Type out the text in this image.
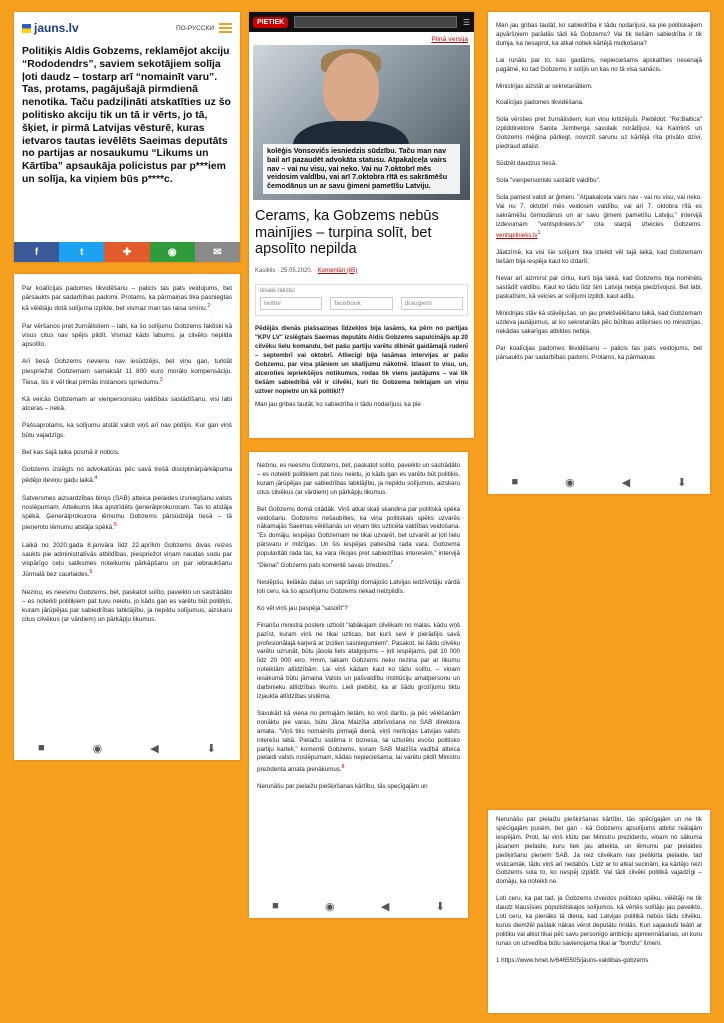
jauns.lv	ПО-РУССКИ
Politiķis Aldis Gobzems, reklamējot akciju “Rododendrs”, saviem sekotājiem solīja ļoti daudz – tostarp arī “nomainīt varu”. Tas, protams, pagājušajā pirmdienā nenotika. Taču padziļināti atskatīties uz šo politisko akciju tik un tā ir vērts, jo tā, šķiet, ir pirmā Latvijas vēsturē, kuras ietvaros tautas ievēlēts Saeimas deputāts no partijas ar nosaukumu “Likums un Kārtība” apsaukāja policistus par p***iem un solīja, ka viņiem būs p****c.
f	t	✚	◉	✉

Par koalīcijas padomes likvidēšanu – palicis tas pats veidojums, bet pārsaukts par sadarbības padomi. Protams, ka pārmaiņas tika pasniegtas kā vēlētāju dotā solījuma izpilde, bet vismaz man tas raisa smīnu.$^2$

Par vēršanos pret žurnālistiem – labi, ka šo solījumu Gobzems faktiski kā visus citus nav spējis pildīt. Vismaz kāds labums, ja cilvēks nepilda apsolīto.

Arī tiesā Gobzems nevienu nav iesūdzējis, bet viņu gan, turklāt piespriežot Gobzemam samaksāt 11 800 euro morālo kompensāciju. Tiesa, šis ir vēl tikai pirmās instances spriedums.$^3$

Kā veicās Gobzemam ar vienpersonisku valdības sastādīšanu, visi labi atceras – nekā.

Pašsaprotams, ka solījumu atstāt valsti viņš arī nav pildījis. Kur gan viņš būtu vajadzīgs.

Bet kas šajā laika posmā ir noticis.

Gobzems izslēgts no advokatūras pēc savā trešā disciplinārpārkāpuma pēdējo deviņu gadu laikā.$^4$

Satversmes aizsardzības birojs (SAB) atteica pielaides izsniegšanu valsts noslēpumam. Atteikums tika apstrīdēts ģenerālprokuroram. Tas to atstāja spēkā. Ģenerālprokurora lēmumu Gobzems pārsūdzēja tiesā – tā pieņemto lēmumu atstāja spēkā.$^5$

Laikā no 2020.gada 8.janvāra līdz 22.aprīlim Gobzems divas reizes saukts pie administratīvās atbildības, piespriežot viņam naudas sodu par vispārīgo ceļu satiksmes noteikumu pārkāpšanu un par iebraukšanu Jūrmalā bez caurlaides.$^6$

Nezinu, es neesmu Gobzems, bet, paskatot solīto, paveikto un sastrādāto – es noteikti politiķiem pat tuvu neietu, jo kāds gan es varētu būt politiķis, kuram jārūpējas par sabiedrības labklājību, ja nepildu solījumus, aizskaru citus cilvēkus (ar vārdiem) un pārkāpju likumus.

■	◉	◀	⬇

Nezinu, es neesmu Gobzems, bet, paskatot solīto, paveikto un sastrādāto – es noteikti politiķiem pat tuvu neietu, jo kāds gan es varētu būt politiķis, kuram jārūpējas par sabiedrības labklājību, ja nepildu solījumus, aizskaru citus cilvēkus (ar vārdiem) un pārkāpju likumus.

Bet Gobzems domā citādāk. Viņš atkal skaļi skandina par politiskā spēka veidošanu. Gobzems nešaubīties, ka viņa politiskais spēks uzvarēs nākamajās Saeimas vēlēšanās un viņam tiks uzticēta valdības veidošana. "Es domāju, iespējas Gobzemam ne tikai uzvarēt, bet uzvarēt ar ļoti lielu pārsvaru ir milzīgas. Un šis iespējas patiesībā rada vara. Gobzema popularitāti rada tas, ka vara rīkojas pret sabiedrības interesēm," intervijā "Dienai" Gobzems pats komentē savas izredzes.$^7$

Neslēpšu, lielākās daļas un saprātīgi domājošo Latvijas iedzīvotāju vārdā ļoti ceru, ka šo apsolījumu Gobzems nekad neizpildīs.

Ko vēl viņš jau paspēja "sasolīt"?

Finanšu ministra posteni uzticēt "labākajam cilvēkam no malas, kādu viņš pazīst, kuram viņš ne tikai uzticas, bet kurš sevi ir pierādījis savā profesionālajā karjerā ar izcilien sasniegumiem". Pasakot, lai šādu cilvēku varētu uzrunāt, būtu jāsola liels atalgojums – ļoti iespējams, pat 10 000 līdz 20 000 eiro. Hmm, laikam Gobzems neko nezina par ar likumu noteiktām atlīdzībām. Lai viņš kādam kaut ko tādu solītu, – viņam iesākumā būtu jāmaina Valsts un pašvaldību institūciju amatpersonu un darbinieku atlīdzības likums. Lieli piebilst, ka ar šādu grozījumu tiktu izjaukta atlīdzības sistēma.

Savukārt kā viena no pirmajām lietām, ko viņš darītu, ja pēc vēlēšanām nonāktu pie varas, būtu Jāņa Maizīša atbrīvošana no SAB direktora amata. "Viņš tiks nomainīts pirmajā dienā, viņš neriķojas Latvijas valsts interešu labā. Pielaižu sistēma ir biznesa, lai uzturētu esošo politisko partiju karteli," komentē Gobzems, kuram SAB Maizīša vadībā atteica pielaidi valsts noslēpumam, kādas nepieciešama, lai varētu pildīt Ministru prezidenta amata pienākumus.$^8$

Nerunāšu par pielaižu piešķiršanas kārtību, tās specīgajām un

■	◉	◀	⬇
PIETIEK	☰
Pilnā versija
kolēģis Vonsovičs iesniedzis sūdzību. Taču man nav bail arī pazaudēt advokāta statusu. Atpakaļceļa vairs nav – vai nu visu, vai neko. Vai nu 7.oktobrī mēs veidosim valdību, vai arī 7.oktobra rītā es sakrāmēšu čemodānus un ar savu ģimeni pametīšu Latviju.
Cerams, ka Gobzems nebūs mainījies – turpina solīt, bet apsolīto nepilda
Kasiklis · 25.05.2020. · Komentāri (85)
Iesaki rakstu:
twitter	facebook	draugiem
Pēdējās dienās plašsaziņas līdzekļos bija lasāms, ka pērn no partijas "KPV LV" izslēgtais Saeimas deputāts Aldis Gobzems sapulcinājis ap 20 cilvēku lielu komandu, bet pašu partiju varētu dibināt gaidāmajā rudenī – septembrī vai oktobrī. Atliecīgi bija lasāmas intervijas ar pašu Gobzemu, par viņa plāniem un skatījumu nākotnē. Izlasot to visu, un, atceroties iepriekšējos notikumus, rodas tik viens jautājums – vai tik tiešām sabiedrībā vēl ir cilvēki, kuri tic Gobzema teiktajam un viņu uztver nopietni un kā politiķi!?
Man jau gribas tautāt, ko sabiedrība ir tādu nodarījusi, ka pie

Man jau gribas tautāt, ko sabiedrība ir tādu nodarījusi, ka pie politiskajiem apvāršņiem parādās tādi kā Gobzems? Vai tik tiešām sabiedrība ir tik dumja, ka nesaprot, ka atkal notiek kārtējā muļķošana?

Lai runātu par to, kas gaidāms, nepieciešams apskatīties nesenajā pagātnē, ko tad Gobzems ir solījis un kas no tā visa sanācis.

Ministrijas aizstāt ar sekretariātiem.

Koalīcijas padomes likvidēšana.

Sola vērsties pret žurnālistiem, kuri viņu kritizējuši. Piebildot: "Re:Baltica" izpilddirektore Sanita Jemberga savulaik norādījusi, ka Kaimiņš un Gobzems mēģina pārliegt, novirzīt sarunu uz kārtējā rīta privāto dzīvi, piedraud atlaist.

Sūdzēt daudzus tiesā.

Sola "vienpersoniski sastādīt valdību".

Sola pamest valsti ar ģimeni. "Atpakaļceļa vairs nav - vai nu visu, vai neko. Vai nu 7. oktobrī mēs veidosim valdību, vai arī 7. oktobra rītā es sakrāmēšu čemodānus un ar savu ģimeni pametīšu Latviju," intervijā izdevumam "ventspilnieks.lv" cita starpā izteicies Gobzems. $ventspilnieks.lv^1$

Jāatzīmē, ka visi šie solījumi tika izteikti vēl tajā laikā, kad Gobzemam tiešām bija iespēja kaut ko izdarīt.

Nevar arī aizmirst par cirku, kurš bija laikā, kad Gobzems bija nominēts sastādīt valdību. Kaut ko tādu līdz šim Latvija nebija piedzīvojusi. Bet labi, paskatīsim, kā veicies ar solījumi izpildi, kaut adīļu.

Ministrijas stāv kā stāvējušas, un jau priekšvēlēšanu laikā, kad Gobzemam uzdeva jautājumus, ar ko sekretariāts pēc būtības atšķirsies no ministrijas, nekādas sakarīgas atbildes nebija.

Par koalīcijas padomes likvidēšanu – palicis tas pats veidojums, bet pārsaukts par sadarbības padomi. Protams, ka pārmaiņas

■	◉	◀	⬇

Nerunāšu par pielaižu piešķiršanas kārtību, tās spēcīgajām un ne tik spēcīgajām pusēm, bet gan - kā Gobzems apsolījums atbilst reālajām iespējām. Proti, lai viņš klūtu par Ministru prezidentu, viņam no sākuma jāsaņem pielaide, kuru tiek jau atteikta, un lēmumu par pielaides piešķiršanu pieņem SAB. Ja reiz cilvēkam nav piešķirta pielaide, tad visticamāk, tādu viņš arī nedabūs. Līdz ar to atkal secinām, ka kārtējo reizi Gobzems sola to, ko nespēj izpildīt. Vai tādi cilvēki politikā vajadzīgi – domāju, ka noteikti ne.

Ļoti ceru, ka pat tad, ja Gobzems izveidos politisko spēku, vēlētāji ne tik daudz klausīsies populistiskajos solījumos, kā vērtēs solītāju jau paveikto. Ļoti ceru, ka pienāks tā diena, kad Latvijas politikā nebūs tādu cilvēku, kurus diemžēl pašlaik nākas vērot deputātu rindās. Kuri sajaukuši teātri ar politiku vai alkst tikai pēc savu personīgo ambīciju apmierināšanas, un kuru runas un uzvedība būtu savienojama tikai ar "bomžu" līmeni.

1 https://www.tvnet.lv/6465505/jauns-valdibas-gobzems
